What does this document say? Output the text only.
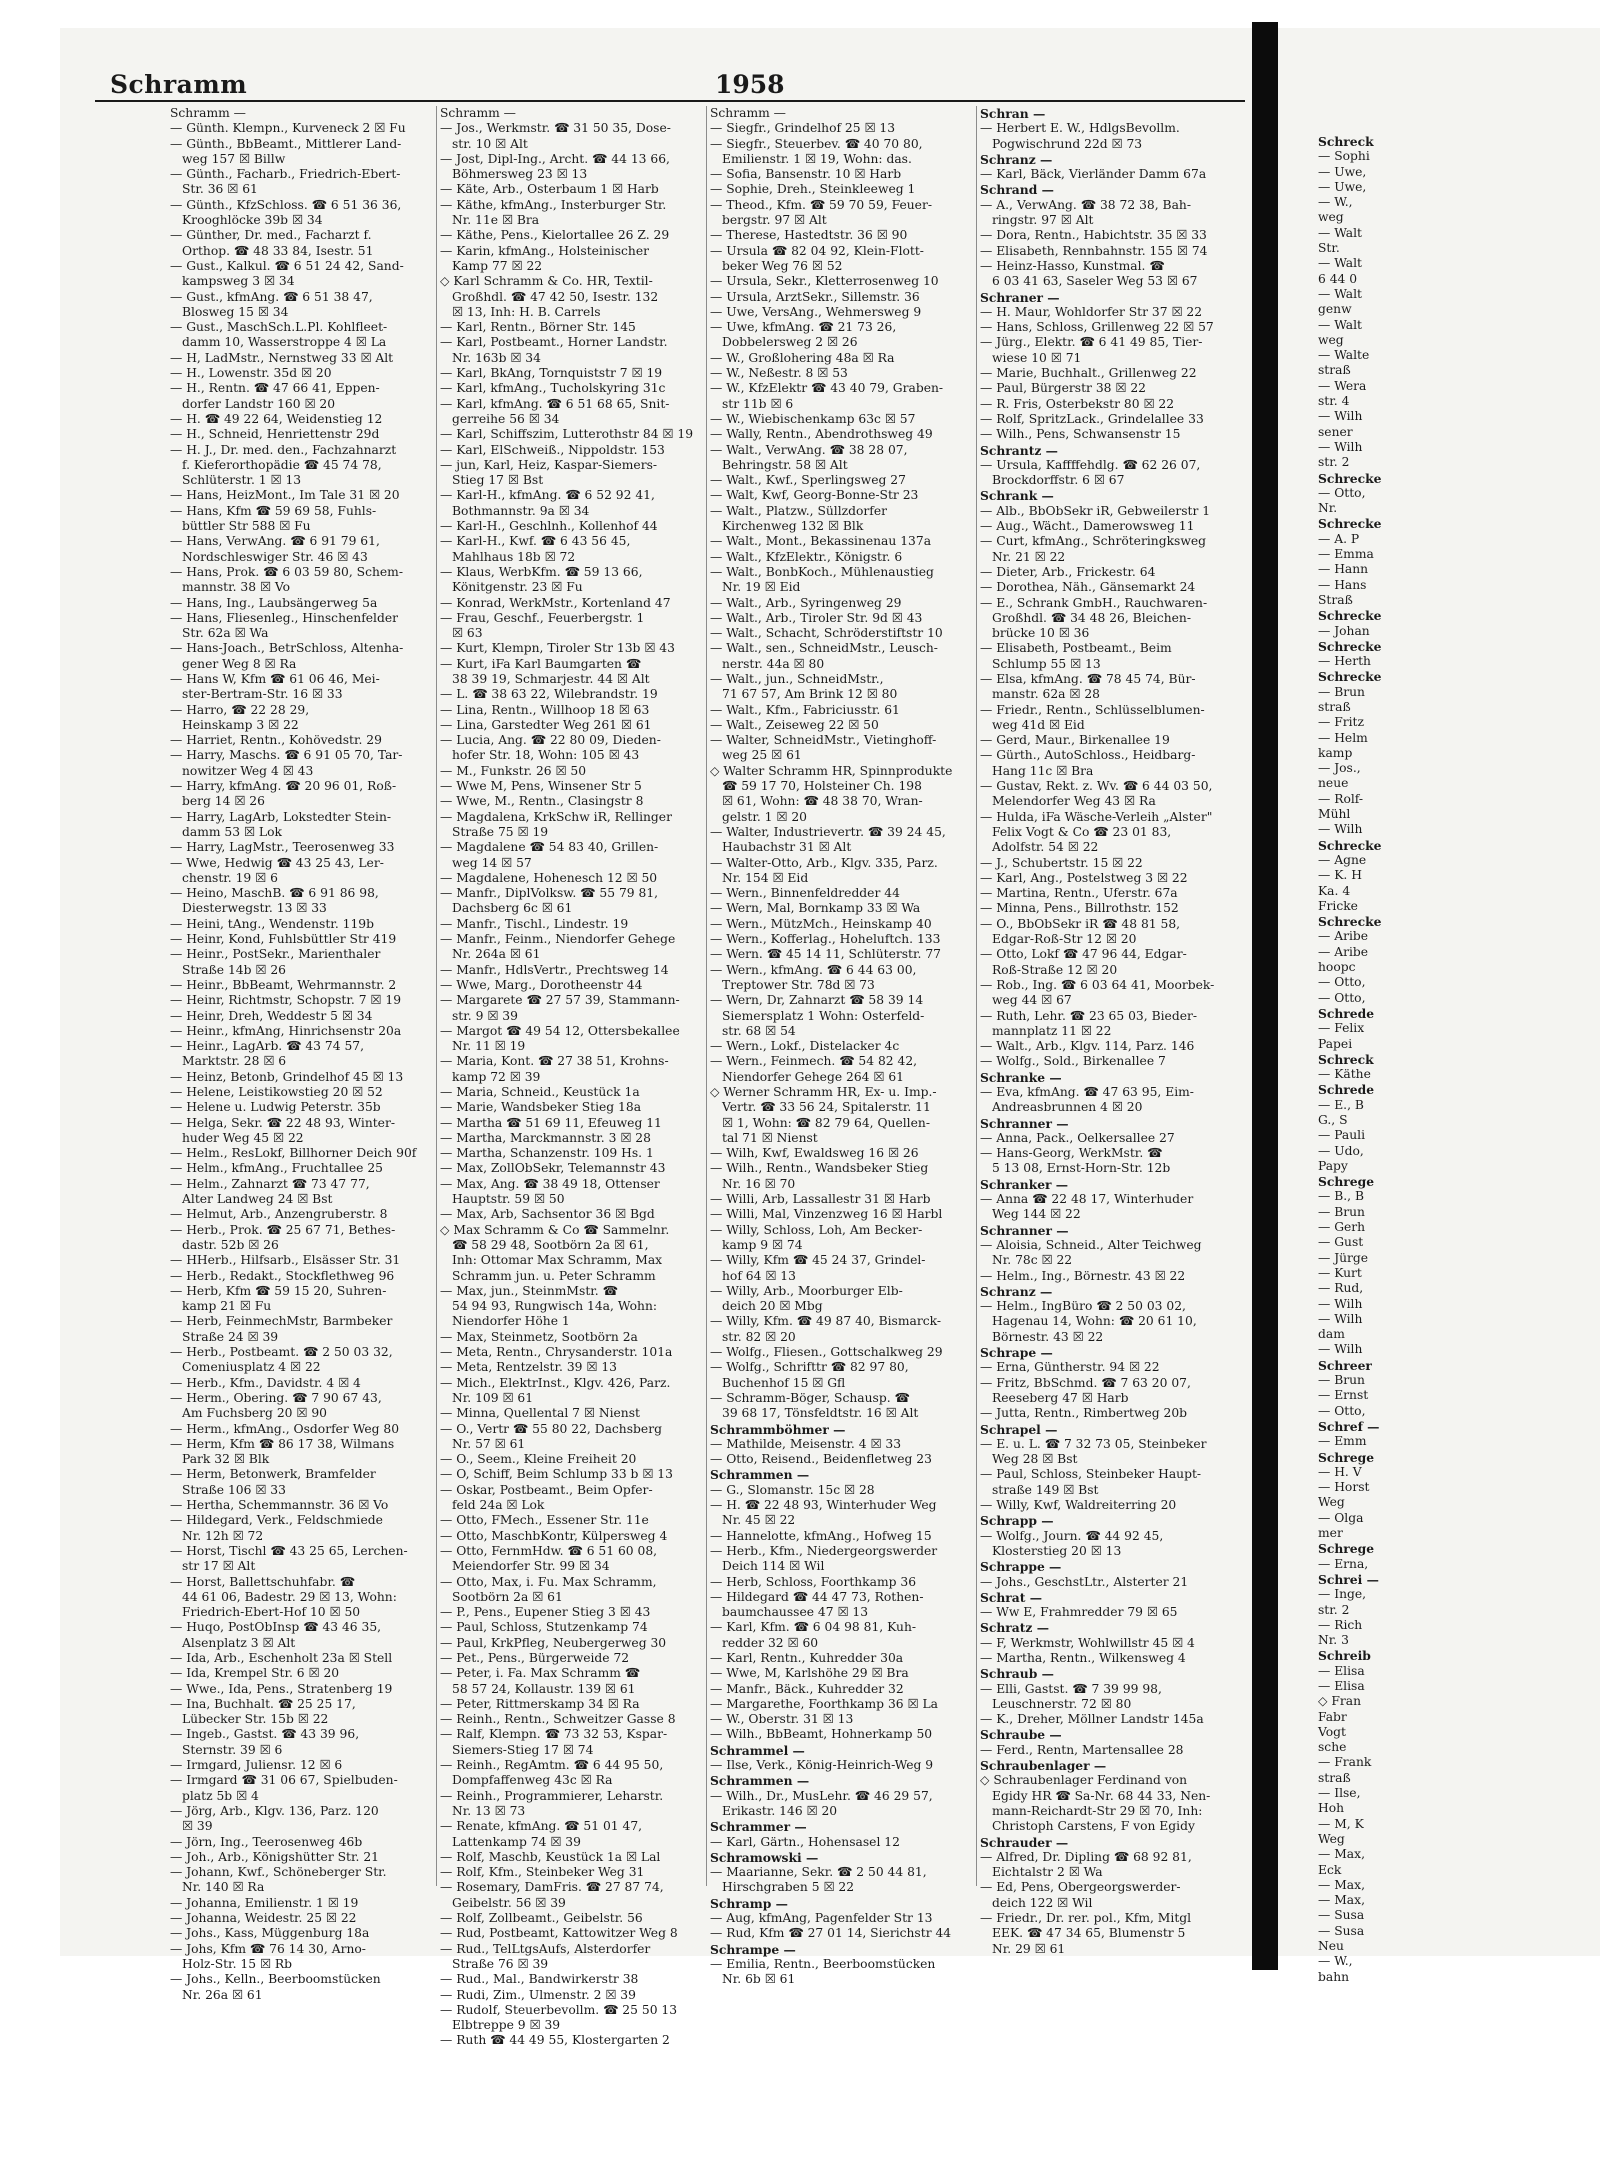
Schreck
— Sophi
— Uwe,
— Uwe,
— W.,
weg
— Walt
Str.
— Walt
6 44 0
— Walt
genw
— Walt
weg
— Walte
straß
— Wera
str. 4
— Wilh
sener
— Wilh
str. 2
Schrecke
— Otto,
Nr.
Schrecke
— A. P
— Emma
— Hann
— Hans
Straß
Schrecke
— Johan
Schrecke
— Herth
Schrecke
— Brun
straß
— Fritz
— Helm
kamp
— Jos.,
neue
— Rolf-
Mühl
— Wilh
Schrecke
— Agne
— K. H
Ka. 4
Fricke
Schrecke
— Aribe
— Aribe
hoopc
— Otto,
— Otto,
Schrede
— Felix
Papei
Schreck
— Käthe
Schrede
— E., B
G., S
— Pauli
— Udo,
Papy
Schrege
— B., B
— Brun
— Gerh
— Gust
— Jürge
— Kurt
— Rud,
— Wilh
— Wilh
dam
— Wilh
Schreer
— Brun
— Ernst
— Otto,
Schref —
— Emm
Schrege
— H. V
— Horst
Weg
— Olga
mer
Schrege
— Erna,
Schrei —
— Inge,
str. 2
— Rich
Nr. 3
Schreib
— Elisa
— Elisa
◇ Fran
Fabr
Vogt
sche
— Frank
straß
— Ilse,
Hoh
— M, K
Weg
— Max,
Eck
— Max,
— Max,
— Susa
— Susa
Neu
— W.,
bahn
Schramm	1958
Schramm —
— Günth. Klempn., Kurveneck 2 ☒ Fu
— Günth., BbBeamt., Mittlerer Land-
weg 157 ☒ Billw
— Günth., Facharb., Friedrich-Ebert-
Str. 36 ☒ 61
— Günth., KfzSchloss. ☎ 6 51 36 36,
Krooghlöcke 39b ☒ 34
— Günther, Dr. med., Facharzt f.
Orthop. ☎ 48 33 84, Isestr. 51
— Gust., Kalkul. ☎ 6 51 24 42, Sand-
kampsweg 3 ☒ 34
— Gust., kfmAng. ☎ 6 51 38 47,
Blosweg 15 ☒ 34
— Gust., MaschSch.L.Pl. Kohlfleet-
damm 10, Wasserstroppe 4 ☒ La
— H, LadMstr., Nernstweg 33 ☒ Alt
— H., Lowenstr. 35d ☒ 20
— H., Rentn. ☎ 47 66 41, Eppen-
dorfer Landstr 160 ☒ 20
— H. ☎ 49 22 64, Weidenstieg 12
— H., Schneid, Henriettenstr 29d
— H. J., Dr. med. den., Fachzahnarzt
f. Kieferorthopädie ☎ 45 74 78,
Schlüterstr. 1 ☒ 13
— Hans, HeizMont., Im Tale 31 ☒ 20
— Hans, Kfm ☎ 59 69 58, Fuhls-
büttler Str 588 ☒ Fu
— Hans, VerwAng. ☎ 6 91 79 61,
Nordschleswiger Str. 46 ☒ 43
— Hans, Prok. ☎ 6 03 59 80, Schem-
mannstr. 38 ☒ Vo
— Hans, Ing., Laubsängerweg 5a
— Hans, Fliesenleg., Hinschenfelder
Str. 62a ☒ Wa
— Hans-Joach., BetrSchloss, Altenha-
gener Weg 8 ☒ Ra
— Hans W, Kfm ☎ 61 06 46, Mei-
ster-Bertram-Str. 16 ☒ 33
— Harro, ☎ 22 28 29,
Heinskamp 3 ☒ 22
— Harriet, Rentn., Kohövedstr. 29
— Harry, Maschs. ☎ 6 91 05 70, Tar-
nowitzer Weg 4 ☒ 43
— Harry, kfmAng. ☎ 20 96 01, Roß-
berg 14 ☒ 26
— Harry, LagArb, Lokstedter Stein-
damm 53 ☒ Lok
— Harry, LagMstr., Teerosenweg 33
— Wwe, Hedwig ☎ 43 25 43, Ler-
chenstr. 19 ☒ 6
— Heino, MaschB. ☎ 6 91 86 98,
Diesterwegstr. 13 ☒ 33
— Heini, tAng., Wendenstr. 119b
— Heinr, Kond, Fuhlsbüttler Str 419
— Heinr., PostSekr., Marienthaler
Straße 14b ☒ 26
— Heinr., BbBeamt, Wehrmannstr. 2
— Heinr, Richtmstr, Schopstr. 7 ☒ 19
— Heinr, Dreh, Weddestr 5 ☒ 34
— Heinr., kfmAng, Hinrichsenstr 20a
— Heinr., LagArb. ☎ 43 74 57,
Marktstr. 28 ☒ 6
— Heinz, Betonb, Grindelhof 45 ☒ 13
— Helene, Leistikowstieg 20 ☒ 52
— Helene u. Ludwig Peterstr. 35b
— Helga, Sekr. ☎ 22 48 93, Winter-
huder Weg 45 ☒ 22
— Helm., ResLokf, Billhorner Deich 90f
— Helm., kfmAng., Fruchtallee 25
— Helm., Zahnarzt ☎ 73 47 77,
Alter Landweg 24 ☒ Bst
— Helmut, Arb., Anzengruberstr. 8
— Herb., Prok. ☎ 25 67 71, Bethes-
dastr. 52b ☒ 26
— HHerb., Hilfsarb., Elsässer Str. 31
— Herb., Redakt., Stockflethweg 96
— Herb, Kfm ☎ 59 15 20, Suhren-
kamp 21 ☒ Fu
— Herb, FeinmechMstr, Barmbeker
Straße 24 ☒ 39
— Herb., Postbeamt. ☎ 2 50 03 32,
Comeniusplatz 4 ☒ 22
— Herb., Kfm., Davidstr. 4 ☒ 4
— Herm., Obering. ☎ 7 90 67 43,
Am Fuchsberg 20 ☒ 90
— Herm., kfmAng., Osdorfer Weg 80
— Herm, Kfm ☎ 86 17 38, Wilmans
Park 32 ☒ Blk
— Herm, Betonwerk, Bramfelder
Straße 106 ☒ 33
— Hertha, Schemmannstr. 36 ☒ Vo
— Hildegard, Verk., Feldschmiede
Nr. 12h ☒ 72
— Horst, Tischl ☎ 43 25 65, Lerchen-
str 17 ☒ Alt
— Horst, Ballettschuhfabr. ☎
44 61 06, Badestr. 29 ☒ 13, Wohn:
Friedrich-Ebert-Hof 10 ☒ 50
— Huqo, PostObInsp ☎ 43 46 35,
Alsenplatz 3 ☒ Alt
— Ida, Arb., Eschenholt 23a ☒ Stell
— Ida, Krempel Str. 6 ☒ 20
— Wwe., Ida, Pens., Stratenberg 19
— Ina, Buchhalt. ☎ 25 25 17,
Lübecker Str. 15b ☒ 22
— Ingeb., Gastst. ☎ 43 39 96,
Sternstr. 39 ☒ 6
— Irmgard, Juliensr. 12 ☒ 6
— Irmgard ☎ 31 06 67, Spielbuden-
platz 5b ☒ 4
— Jörg, Arb., Klgv. 136, Parz. 120
☒ 39
— Jörn, Ing., Teerosenweg 46b
— Joh., Arb., Königshütter Str. 21
— Johann, Kwf., Schöneberger Str.
Nr. 140 ☒ Ra
— Johanna, Emilienstr. 1 ☒ 19
— Johanna, Weidestr. 25 ☒ 22
— Johs., Kass, Müggenburg 18a
— Johs, Kfm ☎ 76 14 30, Arno-
Holz-Str. 15 ☒ Rb
— Johs., Kelln., Beerboomstücken
Nr. 26a ☒ 61
Schramm —
— Jos., Werkmstr. ☎ 31 50 35, Dose-
str. 10 ☒ Alt
— Jost, Dipl-Ing., Archt. ☎ 44 13 66,
Böhmersweg 23 ☒ 13
— Käte, Arb., Osterbaum 1 ☒ Harb
— Käthe, kfmAng., Insterburger Str.
Nr. 11e ☒ Bra
— Käthe, Pens., Kielortallee 26 Z. 29
— Karin, kfmAng., Holsteinischer
Kamp 77 ☒ 22
◇ Karl Schramm & Co. HR, Textil-
Großhdl. ☎ 47 42 50, Isestr. 132
☒ 13, Inh: H. B. Carrels
— Karl, Rentn., Börner Str. 145
— Karl, Postbeamt., Horner Landstr.
Nr. 163b ☒ 34
— Karl, BkAng, Tornquiststr 7 ☒ 19
— Karl, kfmAng., Tucholskyring 31c
— Karl, kfmAng. ☎ 6 51 68 65, Snit-
gerreihe 56 ☒ 34
— Karl, Schiffszim, Lutterothstr 84 ☒ 19
— Karl, ElSchweiß., Nippoldstr. 153
— jun, Karl, Heiz, Kaspar-Siemers-
Stieg 17 ☒ Bst
— Karl-H., kfmAng. ☎ 6 52 92 41,
Bothmannstr. 9a ☒ 34
— Karl-H., Geschlnh., Kollenhof 44
— Karl-H., Kwf. ☎ 6 43 56 45,
Mahlhaus 18b ☒ 72
— Klaus, WerbKfm. ☎ 59 13 66,
Könitgenstr. 23 ☒ Fu
— Konrad, WerkMstr., Kortenland 47
— Frau, Geschf., Feuerbergstr. 1
☒ 63
— Kurt, Klempn, Tiroler Str 13b ☒ 43
— Kurt, iFa Karl Baumgarten ☎
38 39 19, Schmarjestr. 44 ☒ Alt
— L. ☎ 38 63 22, Wilebrandstr. 19
— Lina, Rentn., Willhoop 18 ☒ 63
— Lina, Garstedter Weg 261 ☒ 61
— Lucia, Ang. ☎ 22 80 09, Dieden-
hofer Str. 18, Wohn: 105 ☒ 43
— M., Funkstr. 26 ☒ 50
— Wwe M, Pens, Winsener Str 5
— Wwe, M., Rentn., Clasingstr 8
— Magdalena, KrkSchw iR, Rellinger
Straße 75 ☒ 19
— Magdalene ☎ 54 83 40, Grillen-
weg 14 ☒ 57
— Magdalene, Hohenesch 12 ☒ 50
— Manfr., DiplVolksw. ☎ 55 79 81,
Dachsberg 6c ☒ 61
— Manfr., Tischl., Lindestr. 19
— Manfr., Feinm., Niendorfer Gehege
Nr. 264a ☒ 61
— Manfr., HdlsVertr., Prechtsweg 14
— Wwe, Marg., Dorotheenstr 44
— Margarete ☎ 27 57 39, Stammann-
str. 9 ☒ 39
— Margot ☎ 49 54 12, Ottersbekallee
Nr. 11 ☒ 19
— Maria, Kont. ☎ 27 38 51, Krohns-
kamp 72 ☒ 39
— Maria, Schneid., Keustück 1a
— Marie, Wandsbeker Stieg 18a
— Martha ☎ 51 69 11, Efeuweg 11
— Martha, Marckmannstr. 3 ☒ 28
— Martha, Schanzenstr. 109 Hs. 1
— Max, ZollObSekr, Telemannstr 43
— Max, Ang. ☎ 38 49 18, Ottenser
Hauptstr. 59 ☒ 50
— Max, Arb, Sachsentor 36 ☒ Bgd
◇ Max Schramm & Co ☎ Sammelnr.
☎ 58 29 48, Sootbörn 2a ☒ 61,
Inh: Ottomar Max Schramm, Max
Schramm jun. u. Peter Schramm
— Max, jun., SteinmMstr. ☎
54 94 93, Rungwisch 14a, Wohn:
Niendorfer Höhe 1
— Max, Steinmetz, Sootbörn 2a
— Meta, Rentn., Chrysanderstr. 101a
— Meta, Rentzelstr. 39 ☒ 13
— Mich., ElektrInst., Klgv. 426, Parz.
Nr. 109 ☒ 61
— Minna, Quellental 7 ☒ Nienst
— O., Vertr ☎ 55 80 22, Dachsberg
Nr. 57 ☒ 61
— O., Seem., Kleine Freiheit 20
— O, Schiff, Beim Schlump 33 b ☒ 13
— Oskar, Postbeamt., Beim Opfer-
feld 24a ☒ Lok
— Otto, FMech., Essener Str. 11e
— Otto, MaschbKontr, Külpersweg 4
— Otto, FernmHdw. ☎ 6 51 60 08,
Meiendorfer Str. 99 ☒ 34
— Otto, Max, i. Fu. Max Schramm,
Sootbörn 2a ☒ 61
— P., Pens., Eupener Stieg 3 ☒ 43
— Paul, Schloss, Stutzenkamp 74
— Paul, KrkPfleg, Neubergerweg 30
— Pet., Pens., Bürgerweide 72
— Peter, i. Fa. Max Schramm ☎
58 57 24, Kollaustr. 139 ☒ 61
— Peter, Rittmerskamp 34 ☒ Ra
— Reinh., Rentn., Schweitzer Gasse 8
— Ralf, Klempn. ☎ 73 32 53, Kspar-
Siemers-Stieg 17 ☒ 74
— Reinh., RegAmtm. ☎ 6 44 95 50,
Dompfaffenweg 43c ☒ Ra
— Reinh., Programmierer, Leharstr.
Nr. 13 ☒ 73
— Renate, kfmAng. ☎ 51 01 47,
Lattenkamp 74 ☒ 39
— Rolf, Maschb, Keustück 1a ☒ Lal
— Rolf, Kfm., Steinbeker Weg 31
— Rosemary, DamFris. ☎ 27 87 74,
Geibelstr. 56 ☒ 39
— Rolf, Zollbeamt., Geibelstr. 56
— Rud, Postbeamt, Kattowitzer Weg 8
— Rud., TelLtgsAufs, Alsterdorfer
Straße 76 ☒ 39
— Rud., Mal., Bandwirkerstr 38
— Rudi, Zim., Ulmenstr. 2 ☒ 39
— Rudolf, Steuerbevollm. ☎ 25 50 13
Elbtreppe 9 ☒ 39
— Ruth ☎ 44 49 55, Klostergarten 2
Schramm —
— Siegfr., Grindelhof 25 ☒ 13
— Siegfr., Steuerbev. ☎ 40 70 80,
Emilienstr. 1 ☒ 19, Wohn: das.
— Sofia, Bansenstr. 10 ☒ Harb
— Sophie, Dreh., Steinkleeweg 1
— Theod., Kfm. ☎ 59 70 59, Feuer-
bergstr. 97 ☒ Alt
— Therese, Hastedtstr. 36 ☒ 90
— Ursula ☎ 82 04 92, Klein-Flott-
beker Weg 76 ☒ 52
— Ursula, Sekr., Kletterrosenweg 10
— Ursula, ArztSekr., Sillemstr. 36
— Uwe, VersAng., Wehmersweg 9
— Uwe, kfmAng. ☎ 21 73 26,
Dobbelersweg 2 ☒ 26
— W., Großlohering 48a ☒ Ra
— W., Neßestr. 8 ☒ 53
— W., KfzElektr ☎ 43 40 79, Graben-
str 11b ☒ 6
— W., Wiebischenkamp 63c ☒ 57
— Wally, Rentn., Abendrothsweg 49
— Walt., VerwAng. ☎ 38 28 07,
Behringstr. 58 ☒ Alt
— Walt., Kwf., Sperlingsweg 27
— Walt, Kwf, Georg-Bonne-Str 23
— Walt., Platzw., Süllzdorfer
Kirchenweg 132 ☒ Blk
— Walt., Mont., Bekassinenau 137a
— Walt., KfzElektr., Königstr. 6
— Walt., BonbKoch., Mühlenaustieg
Nr. 19 ☒ Eid
— Walt., Arb., Syringenweg 29
— Walt., Arb., Tiroler Str. 9d ☒ 43
— Walt., Schacht, Schröderstiftstr 10
— Walt., sen., SchneidMstr., Leusch-
nerstr. 44a ☒ 80
— Walt., jun., SchneidMstr.,
71 67 57, Am Brink 12 ☒ 80
— Walt., Kfm., Fabriciusstr. 61
— Walt., Zeiseweg 22 ☒ 50
— Walter, SchneidMstr., Vietinghoff-
weg 25 ☒ 61
◇ Walter Schramm HR, Spinnprodukte
☎ 59 17 70, Holsteiner Ch. 198
☒ 61, Wohn: ☎ 48 38 70, Wran-
gelstr. 1 ☒ 20
— Walter, Industrievertr. ☎ 39 24 45,
Haubachstr 31 ☒ Alt
— Walter-Otto, Arb., Klgv. 335, Parz.
Nr. 154 ☒ Eid
— Wern., Binnenfeldredder 44
— Wern, Mal, Bornkamp 33 ☒ Wa
— Wern., MützMch., Heinskamp 40
— Wern., Kofferlag., Hoheluftch. 133
— Wern. ☎ 45 14 11, Schlüterstr. 77
— Wern., kfmAng. ☎ 6 44 63 00,
Treptower Str. 78d ☒ 73
— Wern, Dr, Zahnarzt ☎ 58 39 14
Siemersplatz 1 Wohn: Osterfeld-
str. 68 ☒ 54
— Wern., Lokf., Distelacker 4c
— Wern., Feinmech. ☎ 54 82 42,
Niendorfer Gehege 264 ☒ 61
◇ Werner Schramm HR, Ex- u. Imp.-
Vertr. ☎ 33 56 24, Spitalerstr. 11
☒ 1, Wohn: ☎ 82 79 64, Quellen-
tal 71 ☒ Nienst
— Wilh, Kwf, Ewaldsweg 16 ☒ 26
— Wilh., Rentn., Wandsbeker Stieg
Nr. 16 ☒ 70
— Willi, Arb, Lassallestr 31 ☒ Harb
— Willi, Mal, Vinzenzweg 16 ☒ Harbl
— Willy, Schloss, Loh, Am Becker-
kamp 9 ☒ 74
— Willy, Kfm ☎ 45 24 37, Grindel-
hof 64 ☒ 13
— Willy, Arb., Moorburger Elb-
deich 20 ☒ Mbg
— Willy, Kfm. ☎ 49 87 40, Bismarck-
str. 82 ☒ 20
— Wolfg., Fliesen., Gottschalkweg 29
— Wolfg., Schrifttr ☎ 82 97 80,
Buchenhof 15 ☒ Gfl
— Schramm-Böger, Schausp. ☎
39 68 17, Tönsfeldtstr. 16 ☒ Alt
Schrammböhmer —
— Mathilde, Meisenstr. 4 ☒ 33
— Otto, Reisend., Beidenfletweg 23
Schrammen —
— G., Slomanstr. 15c ☒ 28
— H. ☎ 22 48 93, Winterhuder Weg
Nr. 45 ☒ 22
— Hannelotte, kfmAng., Hofweg 15
— Herb., Kfm., Niedergeorgswerder
Deich 114 ☒ Wil
— Herb, Schloss, Foorthkamp 36
— Hildegard ☎ 44 47 73, Rothen-
baumchaussee 47 ☒ 13
— Karl, Kfm. ☎ 6 04 98 81, Kuh-
redder 32 ☒ 60
— Karl, Rentn., Kuhredder 30a
— Wwe, M, Karlshöhe 29 ☒ Bra
— Manfr., Bäck., Kuhredder 32
— Margarethe, Foorthkamp 36 ☒ La
— W., Oberstr. 31 ☒ 13
— Wilh., BbBeamt, Hohnerkamp 50
Schrammel —
— Ilse, Verk., König-Heinrich-Weg 9
Schrammen —
— Wilh., Dr., MusLehr. ☎ 46 29 57,
Erikastr. 146 ☒ 20
Schrammer —
— Karl, Gärtn., Hohensasel 12
Schramowski —
— Maarianne, Sekr. ☎ 2 50 44 81,
Hirschgraben 5 ☒ 22
Schramp —
— Aug, kfmAng, Pagenfelder Str 13
— Rud, Kfm ☎ 27 01 14, Sierichstr 44
Schrampe —
— Emilia, Rentn., Beerboomstücken
Nr. 6b ☒ 61
Schran —
— Herbert E. W., HdlgsBevollm.
Pogwischrund 22d ☒ 73
Schranz —
— Karl, Bäck, Vierländer Damm 67a
Schrand —
— A., VerwAng. ☎ 38 72 38, Bah-
ringstr. 97 ☒ Alt
— Dora, Rentn., Habichtstr. 35 ☒ 33
— Elisabeth, Rennbahnstr. 155 ☒ 74
— Heinz-Hasso, Kunstmal. ☎
6 03 41 63, Saseler Weg 53 ☒ 67
Schraner —
— H. Maur, Wohldorfer Str 37 ☒ 22
— Hans, Schloss, Grillenweg 22 ☒ 57
— Jürg., Elektr. ☎ 6 41 49 85, Tier-
wiese 10 ☒ 71
— Marie, Buchhalt., Grillenweg 22
— Paul, Bürgerstr 38 ☒ 22
— R. Fris, Osterbekstr 80 ☒ 22
— Rolf, SpritzLack., Grindelallee 33
— Wilh., Pens, Schwansenstr 15
Schrantz —
— Ursula, Kaffffehdlg. ☎ 62 26 07,
Brockdorffstr. 6 ☒ 67
Schrank —
— Alb., BbObSekr iR, Gebweilerstr 1
— Aug., Wächt., Damerowsweg 11
— Curt, kfmAng., Schröteringksweg
Nr. 21 ☒ 22
— Dieter, Arb., Frickestr. 64
— Dorothea, Näh., Gänsemarkt 24
— E., Schrank GmbH., Rauchwaren-
Großhdl. ☎ 34 48 26, Bleichen-
brücke 10 ☒ 36
— Elisabeth, Postbeamt., Beim
Schlump 55 ☒ 13
— Elsa, kfmAng. ☎ 78 45 74, Bür-
manstr. 62a ☒ 28
— Friedr., Rentn., Schlüsselblumen-
weg 41d ☒ Eid
— Gerd, Maur., Birkenallee 19
— Gürth., AutoSchloss., Heidbarg-
Hang 11c ☒ Bra
— Gustav, Rekt. z. Wv. ☎ 6 44 03 50,
Melendorfer Weg 43 ☒ Ra
— Hulda, iFa Wäsche-Verleih „Alster"
Felix Vogt & Co ☎ 23 01 83,
Adolfstr. 54 ☒ 22
— J., Schubertstr. 15 ☒ 22
— Karl, Ang., Postelstweg 3 ☒ 22
— Martina, Rentn., Uferstr. 67a
— Minna, Pens., Billrothstr. 152
— O., BbObSekr iR ☎ 48 81 58,
Edgar-Roß-Str 12 ☒ 20
— Otto, Lokf ☎ 47 96 44, Edgar-
Roß-Straße 12 ☒ 20
— Rob., Ing. ☎ 6 03 64 41, Moorbek-
weg 44 ☒ 67
— Ruth, Lehr. ☎ 23 65 03, Bieder-
mannplatz 11 ☒ 22
— Walt., Arb., Klgv. 114, Parz. 146
— Wolfg., Sold., Birkenallee 7
Schranke —
— Eva, kfmAng. ☎ 47 63 95, Eim-
Andreasbrunnen 4 ☒ 20
Schranner —
— Anna, Pack., Oelkersallee 27
— Hans-Georg, WerkMstr. ☎
5 13 08, Ernst-Horn-Str. 12b
Schranker —
— Anna ☎ 22 48 17, Winterhuder
Weg 144 ☒ 22
Schranner —
— Aloisia, Schneid., Alter Teichweg
Nr. 78c ☒ 22
— Helm., Ing., Börnestr. 43 ☒ 22
Schranz —
— Helm., IngBüro ☎ 2 50 03 02,
Hagenau 14, Wohn: ☎ 20 61 10,
Börnestr. 43 ☒ 22
Schrape —
— Erna, Güntherstr. 94 ☒ 22
— Fritz, BbSchmd. ☎ 7 63 20 07,
Reeseberg 47 ☒ Harb
— Jutta, Rentn., Rimbertweg 20b
Schrapel —
— E. u. L. ☎ 7 32 73 05, Steinbeker
Weg 28 ☒ Bst
— Paul, Schloss, Steinbeker Haupt-
straße 149 ☒ Bst
— Willy, Kwf, Waldreiterring 20
Schrapp —
— Wolfg., Journ. ☎ 44 92 45,
Klosterstieg 20 ☒ 13
Schrappe —
— Johs., GeschstLtr., Alsterter 21
Schrat —
— Ww E, Frahmredder 79 ☒ 65
Schratz —
— F, Werkmstr, Wohlwillstr 45 ☒ 4
— Martha, Rentn., Wilkensweg 4
Schraub —
— Elli, Gastst. ☎ 7 39 99 98,
Leuschnerstr. 72 ☒ 80
— K., Dreher, Möllner Landstr 145a
Schraube —
— Ferd., Rentn, Martensallee 28
Schraubenlager —
◇ Schraubenlager Ferdinand von
Egidy HR ☎ Sa-Nr. 68 44 33, Nen-
mann-Reichardt-Str 29 ☒ 70, Inh:
Christoph Carstens, F von Egidy
Schrauder —
— Alfred, Dr. Dipling ☎ 68 92 81,
Eichtalstr 2 ☒ Wa
— Ed, Pens, Obergeorgswerder-
deich 122 ☒ Wil
— Friedr., Dr. rer. pol., Kfm, Mitgl
EEK. ☎ 47 34 65, Blumenstr 5
Nr. 29 ☒ 61
